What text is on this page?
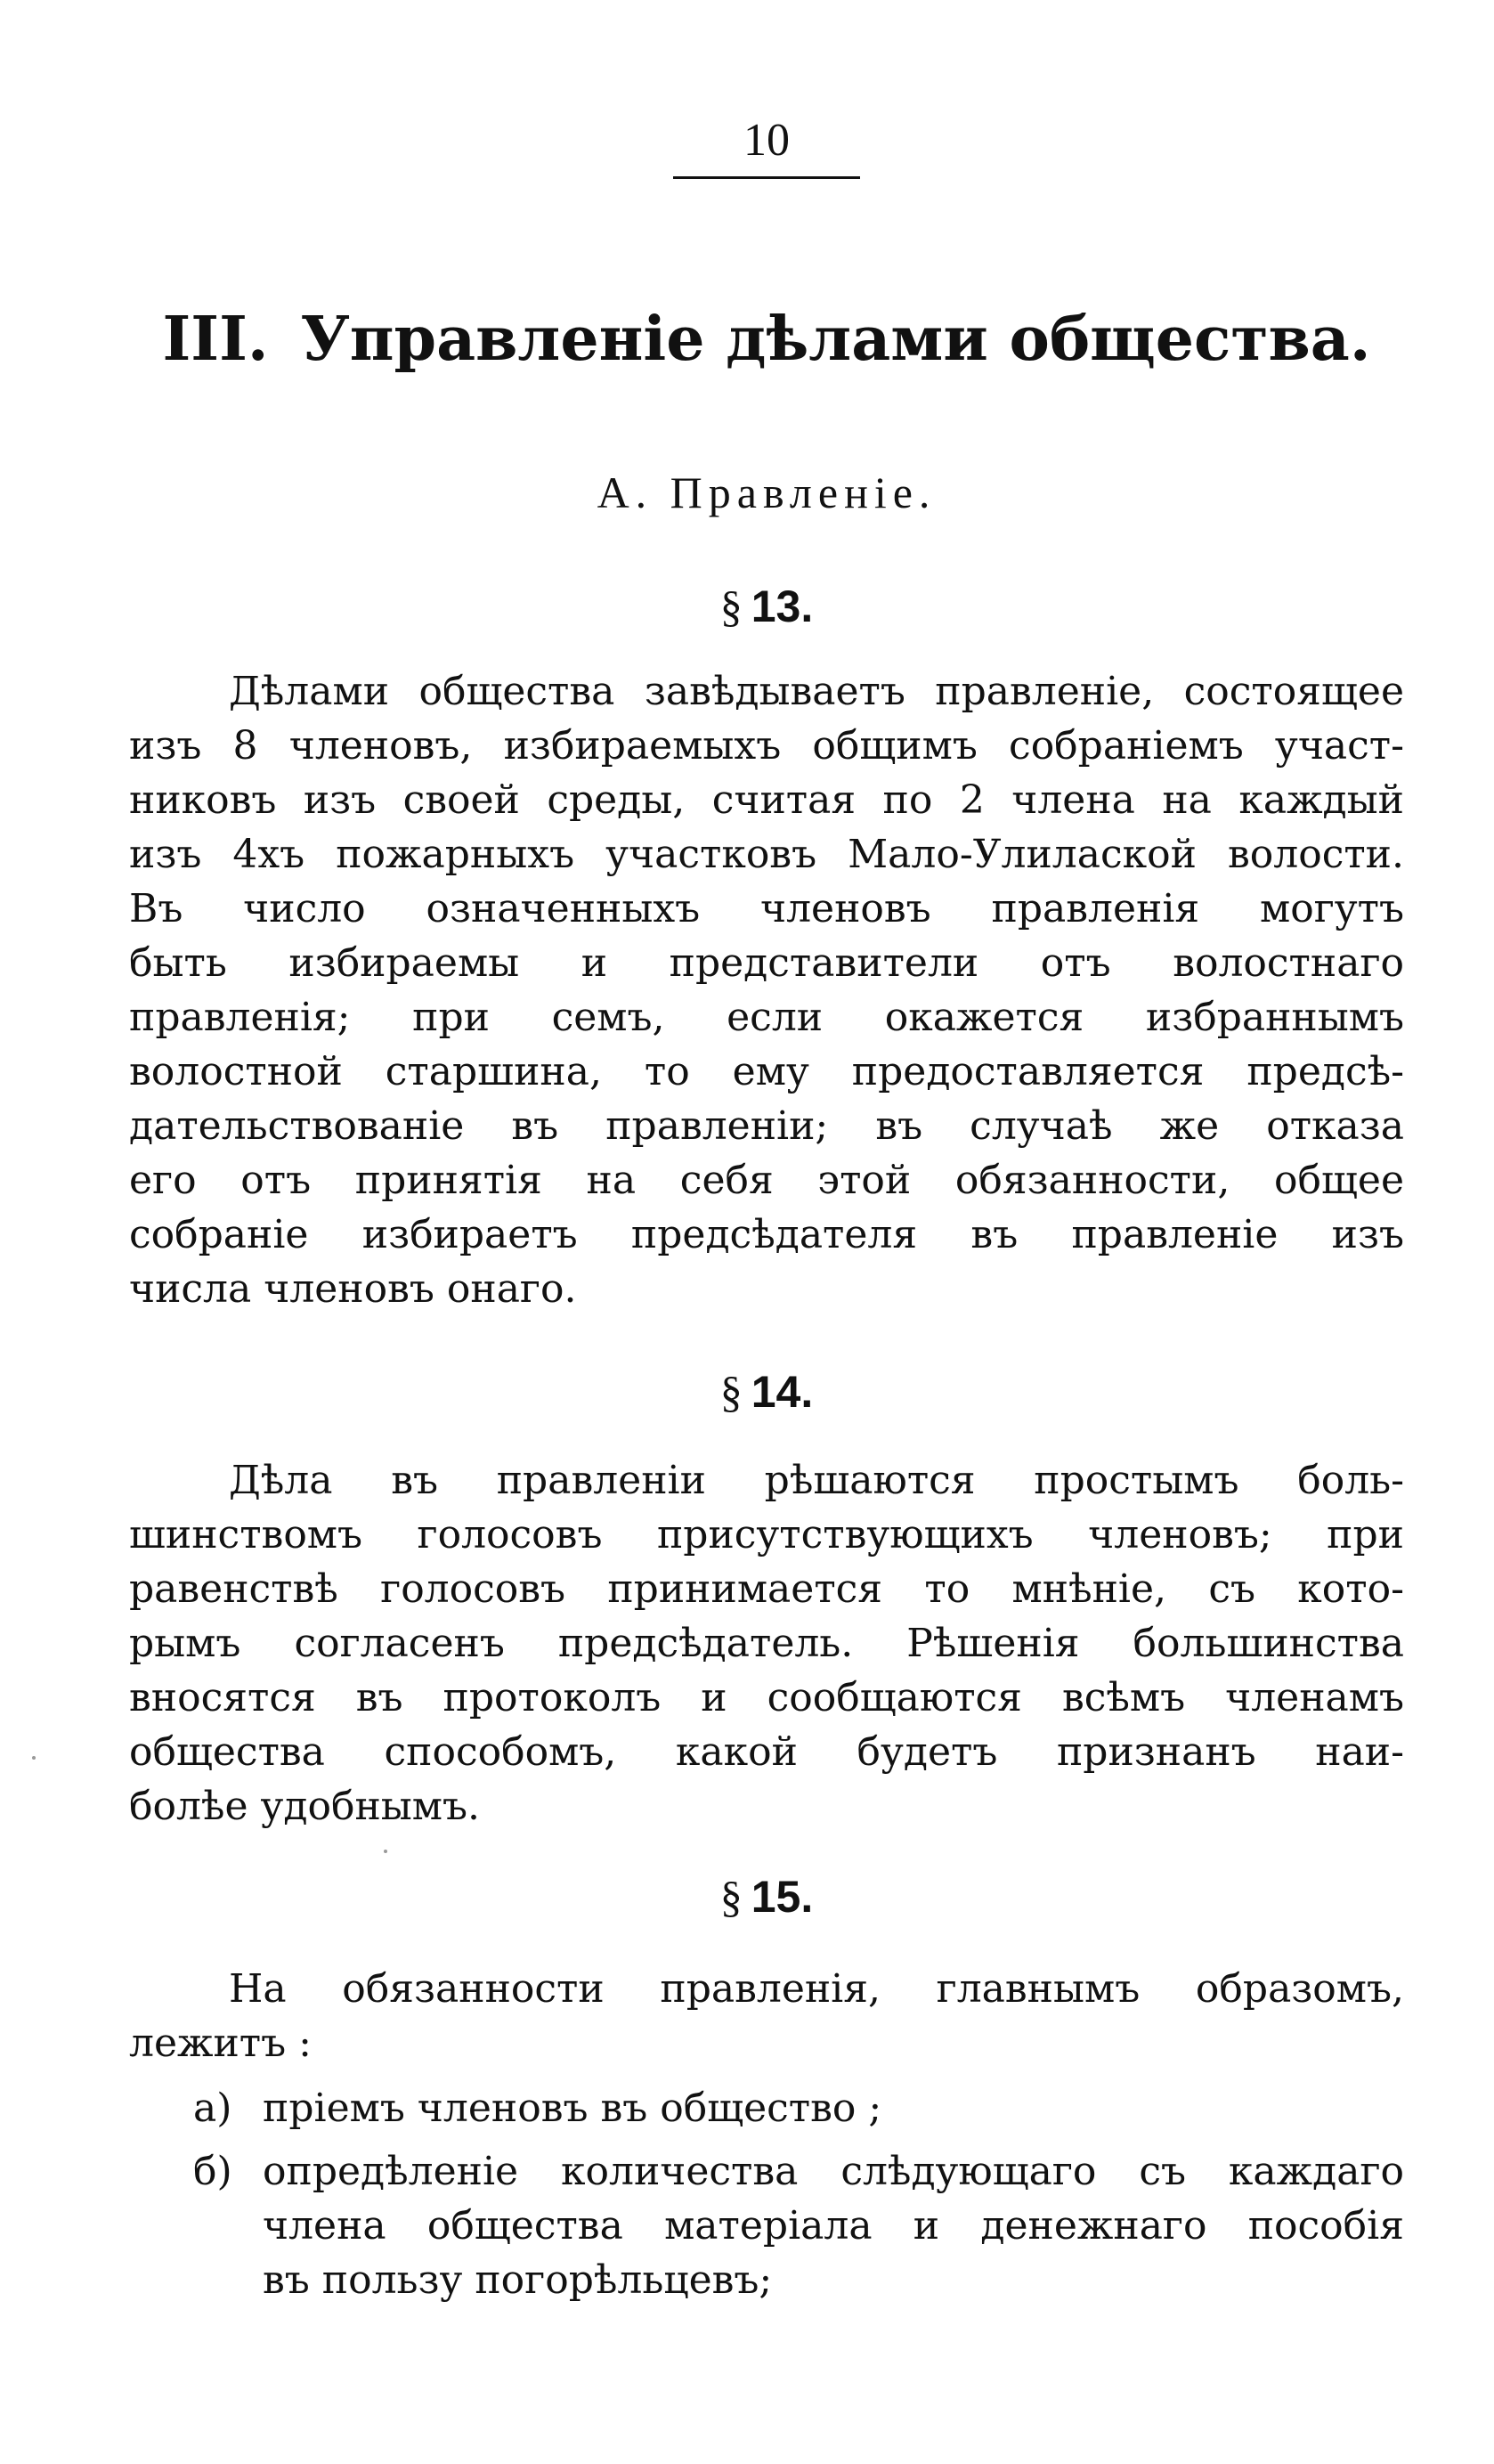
10
III. Управленіе дѣлами общества.
А. Правленіе.
§ 13.
Дѣлами общества завѣдываетъ правленіе, состоящее
изъ 8 членовъ, избираемыхъ общимъ собраніемъ участ-
никовъ изъ своей среды, считая по 2 члена на каждый
изъ 4хъ пожарныхъ участковъ Мало-Улилаской волости.
Въ число означенныхъ членовъ правленія могутъ
быть избираемы и представители отъ волостнаго
правленія; при семъ, если окажется избраннымъ
волостной старшина, то ему предоставляется предсѣ-
дательствованіе въ правленіи; въ случаѣ же отказа
его отъ принятія на себя этой обязанности, общее
собраніе избираетъ предсѣдателя въ правленіе изъ
числа членовъ онаго.
§ 14.
Дѣла въ правленіи рѣшаются простымъ боль-
шинствомъ голосовъ присутствующихъ членовъ; при
равенствѣ голосовъ принимается то мнѣніе, съ кото-
рымъ согласенъ предсѣдатель. Рѣшенія большинства
вносятся въ протоколъ и сообщаются всѣмъ членамъ
общества способомъ, какой будетъ признанъ наи-
болѣе удобнымъ.
§ 15.
На обязанности правленія, главнымъ образомъ,
лежитъ :
а) пріемъ членовъ въ общество ;
б) опредѣленіе количества слѣдующаго съ каждаго
члена общества матеріала и денежнаго пособія
въ пользу погорѣльцевъ;
